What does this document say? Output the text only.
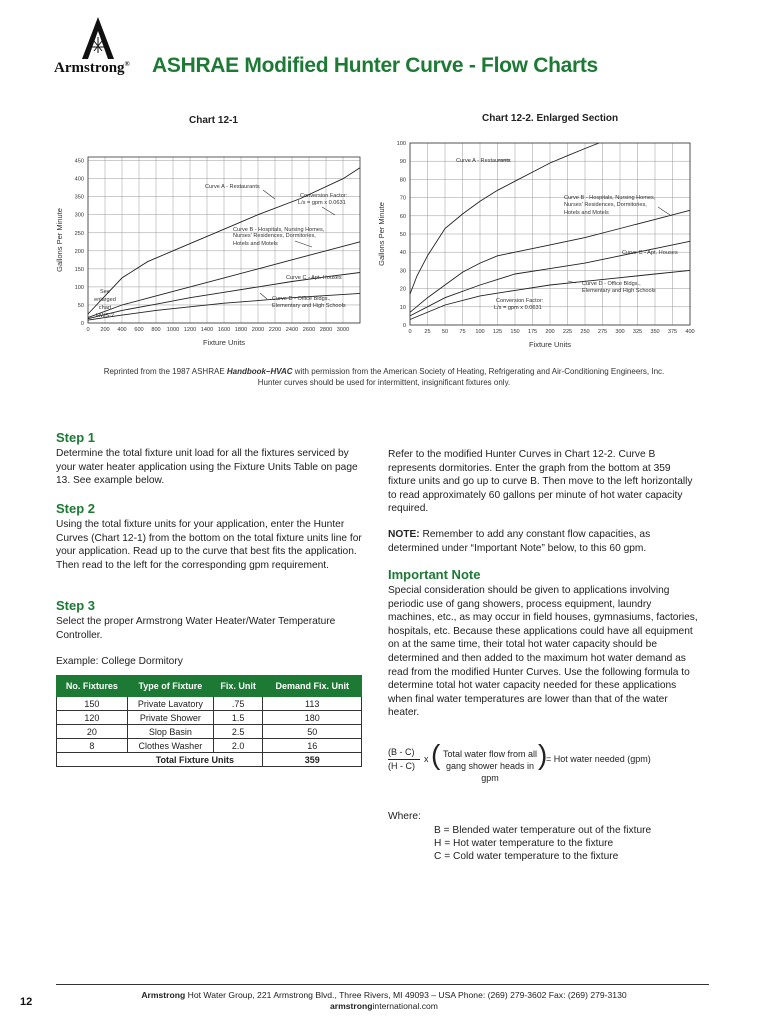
Armstrong® ASHRAE Modified Hunter Curve - Flow Charts
Chart 12-1	Chart 12-2. Enlarged Section
0 200 400 600 800 1000 1200 1400 1600 1800 2000 2200 2400 2600 2800 3000
0
50
100
150
200
250
300
350
400
450
Fixture Units
Gallons Per Minute
Curve A - Restaurants
Conversion Factor:
L/s = gpm x 0.0631
Curve B - Hospitals, Nursing Homes,
Nurses' Residences, Dormitories,
Hotels and Motels
Curve C - Apt. Houses
Curve D - Office Bldgs.,
Elementary and High Schools
See
enlarged
chart
HWS-2
0 25 50 75 100 125 150 175 200 225 250 275 300 325 350 375 400
0
10
20
30
40
50
60
70
80
90
100
Fixture Units
Gallons Per Minute
Curve A - Restaurants
Curve B - Hospitals, Nursing Homes,
Nurses' Residences, Dormitories,
Hotels and Motels
Curve C - Apt. Houses
Curve D - Office Bldgs.,
Elementary and High Schools
Conversion Factor:
L/s = gpm x 0.0631
Reprinted from the 1987 ASHRAE Handbook–HVAC with permission from the American Society of Heating, Refrigerating and Air-Conditioning Engineers, Inc.
Hunter curves should be used for intermittent, insignificant fixtures only.
Step 1
Determine the total fixture unit load for all the fixtures serviced by your water heater application using the Fixture Units Table on page 13. See example below.
Step 2
Using the total fixture units for your application, enter the Hunter Curves (Chart 12-1) from the bottom on the total fixture units line for your application. Read up to the curve that best fits the application. Then read to the left for the corresponding gpm requirement.
Step 3
Select the proper Armstrong Water Heater/Water Temperature Controller.
Example: College Dormitory
No. Fixtures	Type of Fixture	Fix. Unit	Demand Fix. Unit
150	Private Lavatory	.75	113
120	Private Shower	1.5	180
20	Slop Basin	2.5	50
8	Clothes Washer	2.0	16
	Total Fixture Units		359
Refer to the modified Hunter Curves in Chart 12-2. Curve B represents dormitories. Enter the graph from the bottom at 359 fixture units and go up to curve B. Then move to the left horizontally to read approximately 60 gallons per minute of hot water capacity required.
NOTE: Remember to add any constant flow capacities, as determined under “Important Note” below, to this 60 gpm.
Important Note
Special consideration should be given to applications involving periodic use of gang showers, process equipment, laundry machines, etc., as may occur in field houses, gymnasiums, factories, hospitals, etc. Because these applications could have all equipment on at the same time, their total hot water capacity should be determined and then added to the maximum hot water demand as read from the modified Hunter Curves. Use the following formula to determine total hot water capacity needed for these applications when final water temperatures are lower than that of the water heater.
(B - C)
(H - C)
x ( Total water flow from all
gang shower heads in gpm
)
= Hot water needed (gpm)
Where:
B = Blended water temperature out of the fixture
H = Hot water temperature to the fixture
C = Cold water temperature to the fixture
12
Armstrong Hot Water Group, 221 Armstrong Blvd., Three Rivers, MI 49093 – USA Phone: (269) 279-3602 Fax: (269) 279-3130
armstronginternational.com
